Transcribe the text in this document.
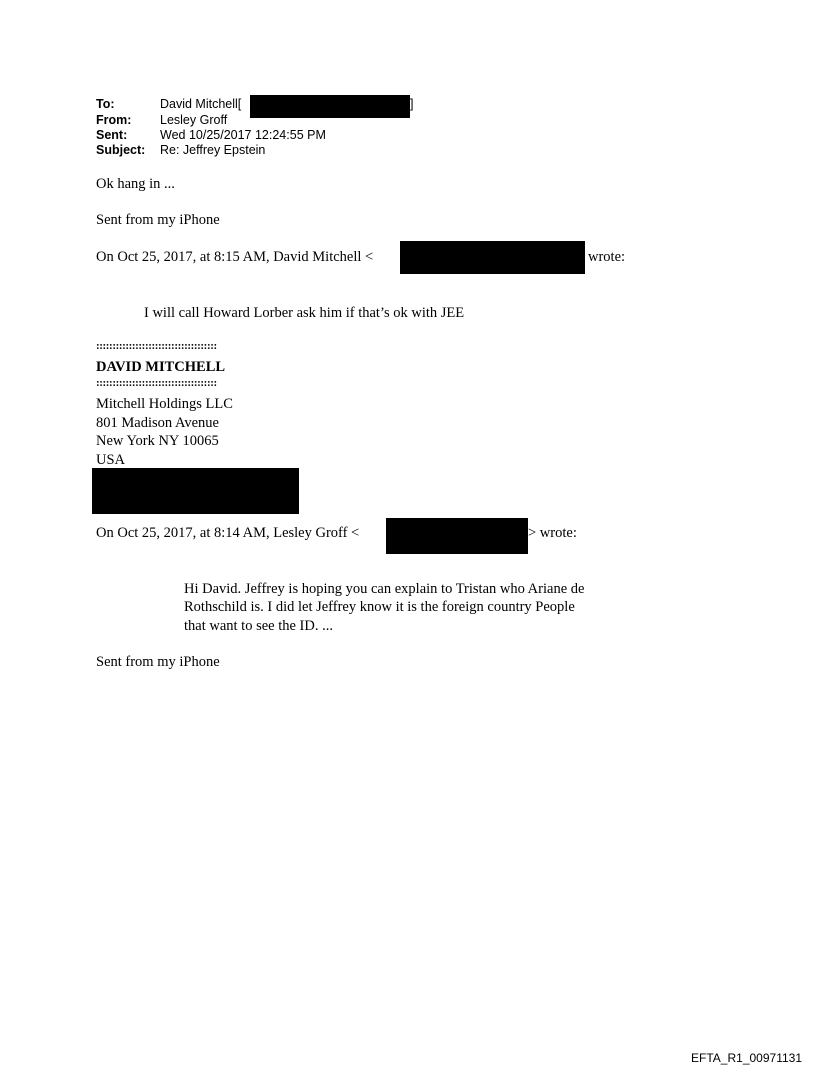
To:	David Mitchell[	]
From:	Lesley Groff
Sent:	Wed 10/25/2017 12:24:55 PM
Subject:	Re: Jeffrey Epstein
Ok hang in ...
Sent from my iPhone
On Oct 25, 2017, at 8:15 AM, David Mitchell <	wrote:
I will call Howard Lorber ask him if that’s ok with JEE
:::::::::::::::::::::::::::::::::::::
DAVID MITCHELL
:::::::::::::::::::::::::::::::::::::
Mitchell Holdings LLC
801 Madison Avenue
New York NY 10065
USA
On Oct 25, 2017, at 8:14 AM, Lesley Groff <	> wrote:
Hi David. Jeffrey is hoping you can explain to Tristan who Ariane de
Rothschild is. I did let Jeffrey know it is the foreign country People
that want to see the ID. ...
Sent from my iPhone
EFTA_R1_00971131
